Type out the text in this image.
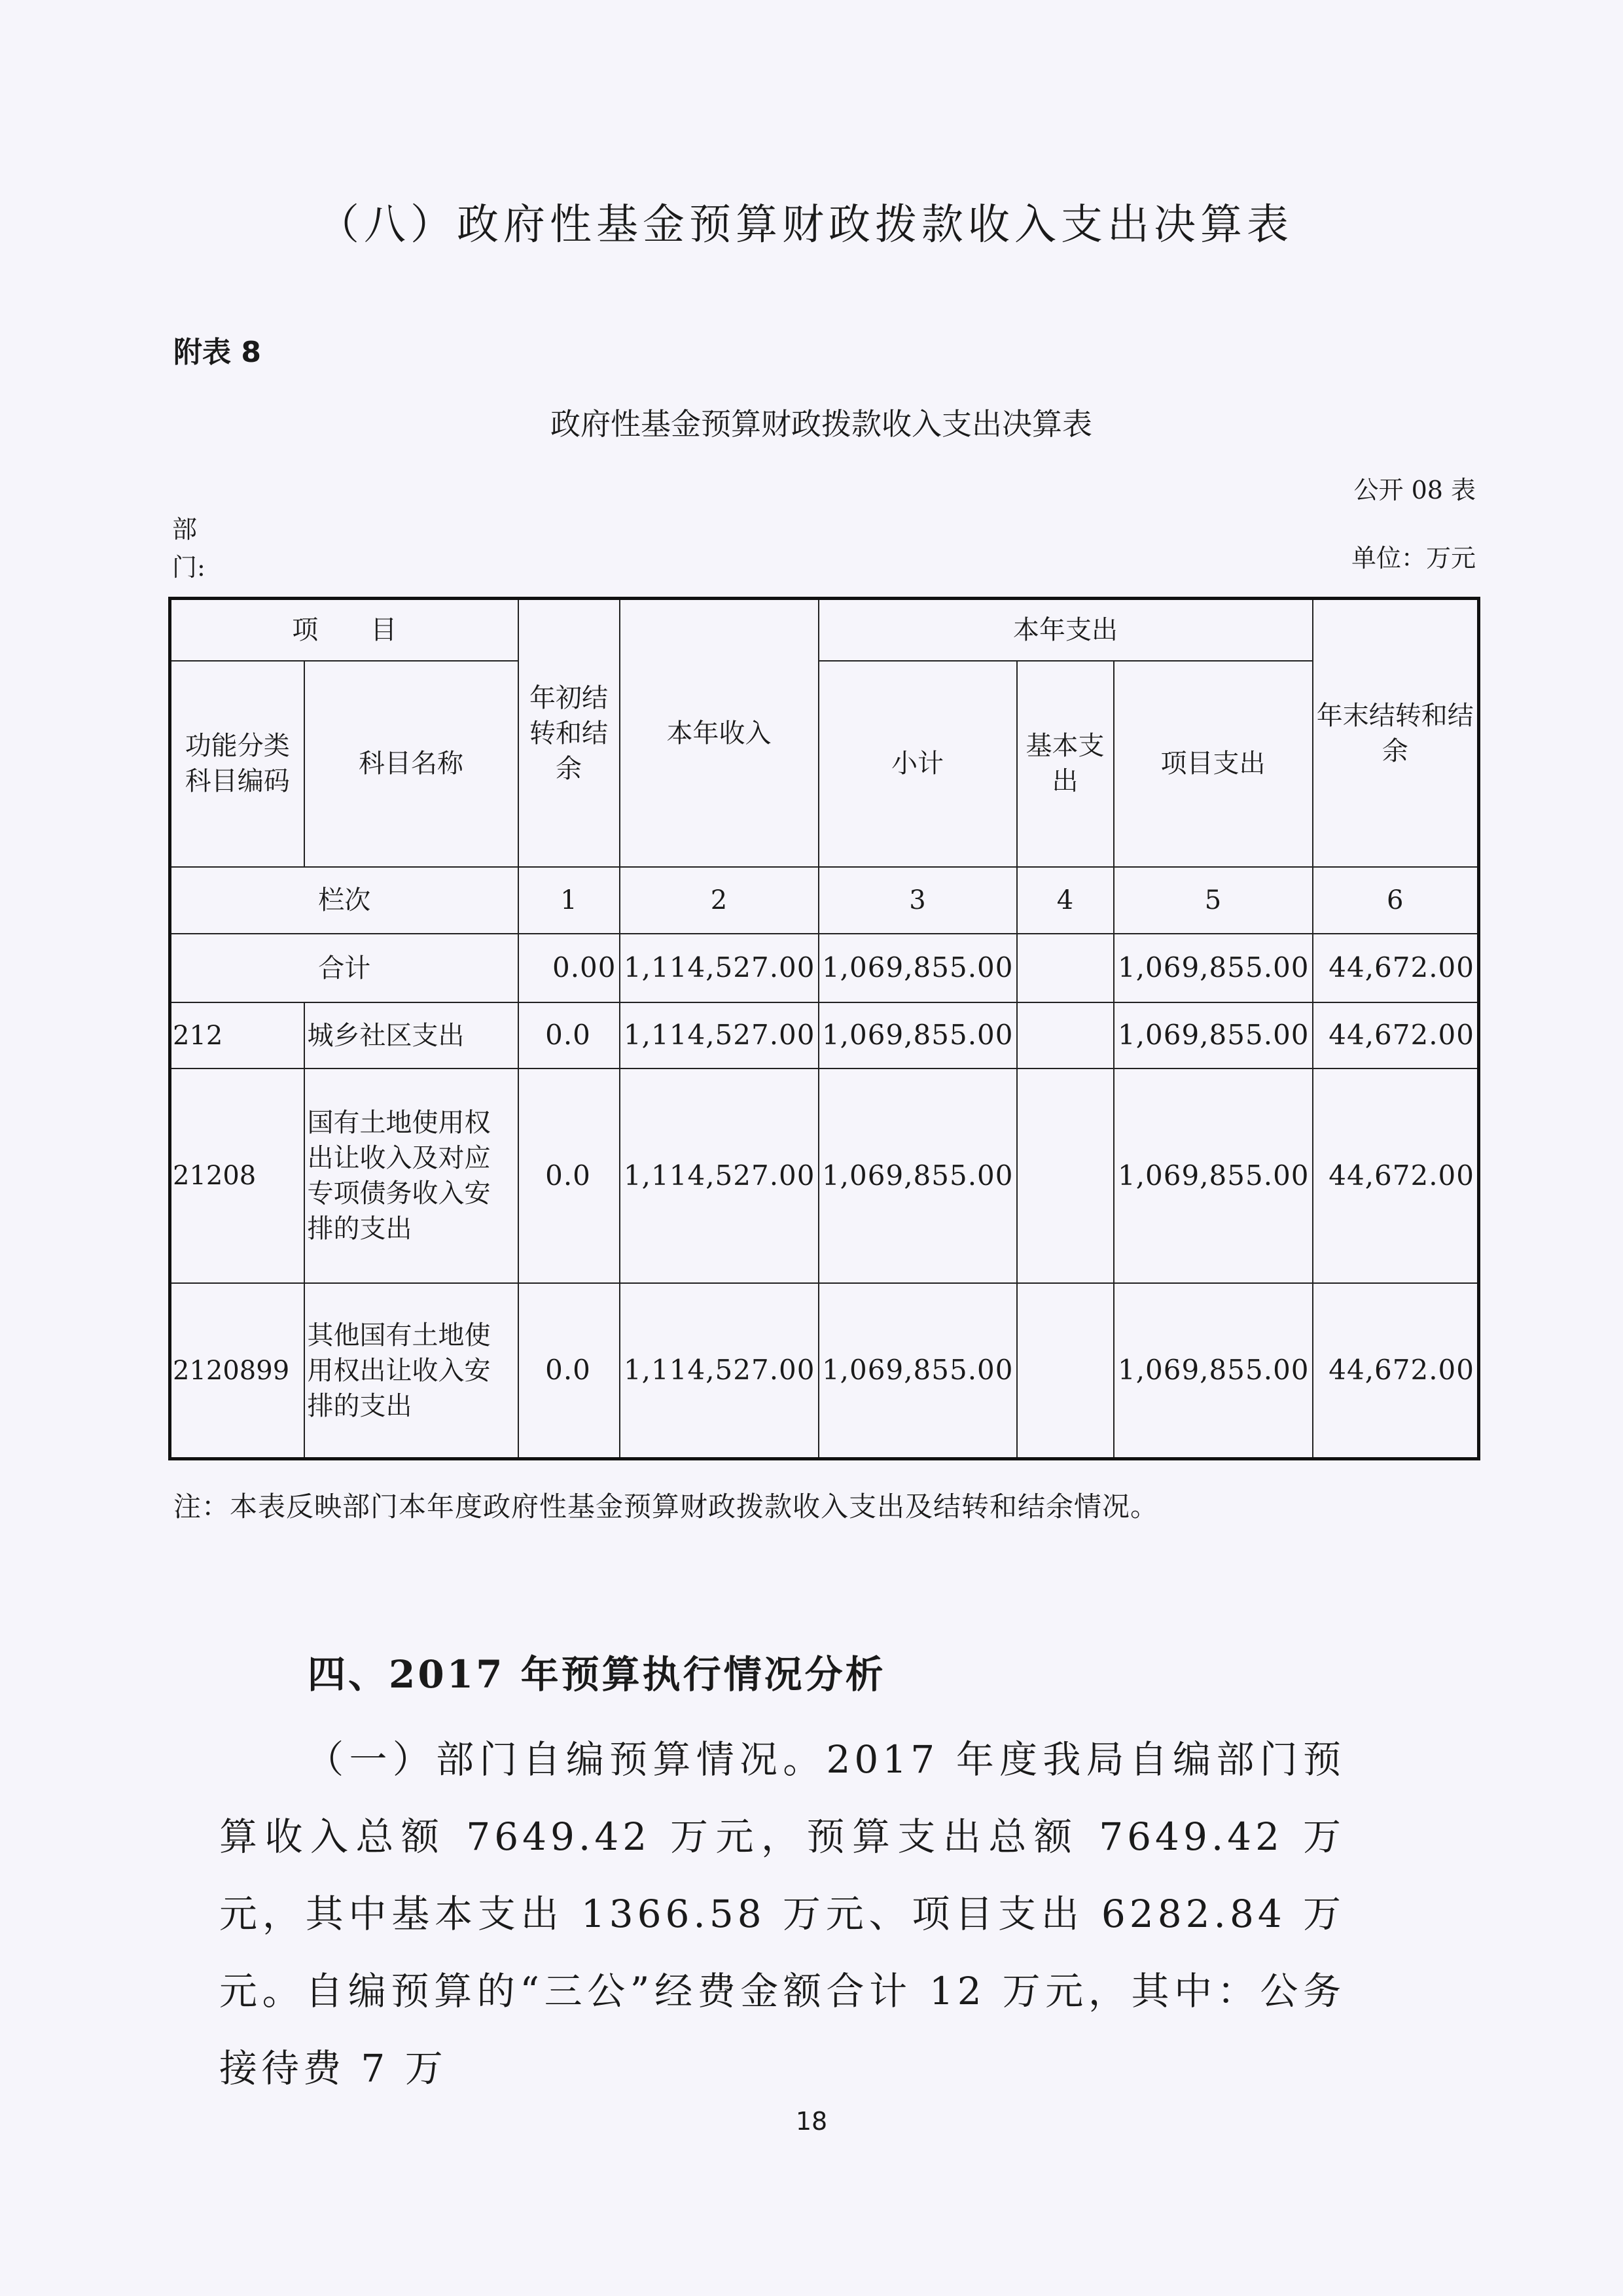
（八）政府性基金预算财政拨款收入支出决算表
附表 8
政府性基金预算财政拨款收入支出决算表
公开 08 表
部门:	单位：万元
项　　目		年初结转和结余	本年收入	本年支出			年末结转和结余
功能分类科目编码	科目名称			小计	基本支出	项目支出	
栏次		1	2	3	4	5	6
合计		0.00	1,114,527.00	1,069,855.00		1,069,855.00	44,672.00
212	城乡社区支出	0.0	1,114,527.00	1,069,855.00		1,069,855.00	44,672.00
21208	国有土地使用权出让收入及对应专项债务收入安排的支出	0.0	1,114,527.00	1,069,855.00		1,069,855.00	44,672.00
2120899	其他国有土地使用权出让收入安排的支出	0.0	1,114,527.00	1,069,855.00		1,069,855.00	44,672.00
注：本表反映部门本年度政府性基金预算财政拨款收入支出及结转和结余情况。
四、2017 年预算执行情况分析
（一）部门自编预算情况。2017 年度我局自编部门预算收入总额 7649.42 万元，预算支出总额 7649.42 万元，其中基本支出 1366.58 万元、项目支出 6282.84 万元。自编预算的“三公”经费金额合计 12 万元，其中：公务接待费 7 万
18
